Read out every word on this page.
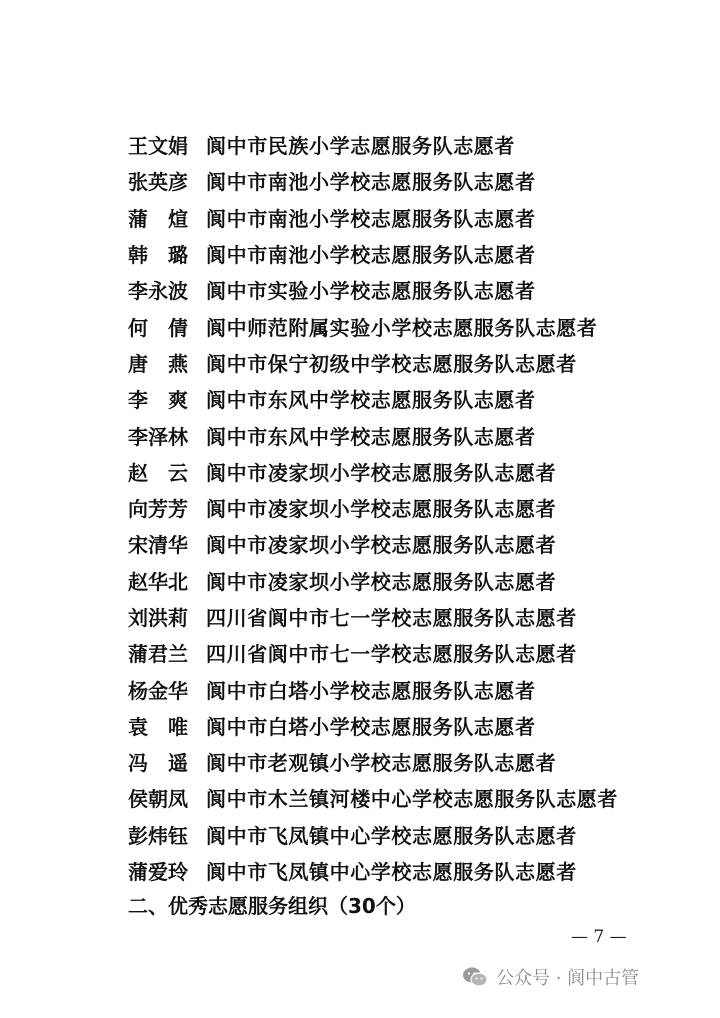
王文娟 阆中市民族小学志愿服务队志愿者
张英彦 阆中市南池小学校志愿服务队志愿者
蒲煊
阆中市南池小学校志愿服务队志愿者
韩璐
阆中市南池小学校志愿服务队志愿者
李永波 阆中市实验小学校志愿服务队志愿者
何倩
阆中师范附属实验小学校志愿服务队志愿者
唐燕
阆中市保宁初级中学校志愿服务队志愿者
李爽
阆中市东风中学校志愿服务队志愿者
李泽林 阆中市东风中学校志愿服务队志愿者
赵云
阆中市凌家坝小学校志愿服务队志愿者
向芳芳 阆中市凌家坝小学校志愿服务队志愿者
宋清华 阆中市凌家坝小学校志愿服务队志愿者
赵华北 阆中市凌家坝小学校志愿服务队志愿者
刘洪莉 四川省阆中市七一学校志愿服务队志愿者
蒲君兰 四川省阆中市七一学校志愿服务队志愿者
杨金华 阆中市白塔小学校志愿服务队志愿者
袁唯
阆中市白塔小学校志愿服务队志愿者
冯遥
阆中市老观镇小学校志愿服务队志愿者
侯朝凤 阆中市木兰镇河楼中心学校志愿服务队志愿者
彭炜钰 阆中市飞凤镇中心学校志愿服务队志愿者
蒲爱玲 阆中市飞凤镇中心学校志愿服务队志愿者
二、优秀志愿服务组织（30个）
— 7 —
公众号 · 阆中古管
